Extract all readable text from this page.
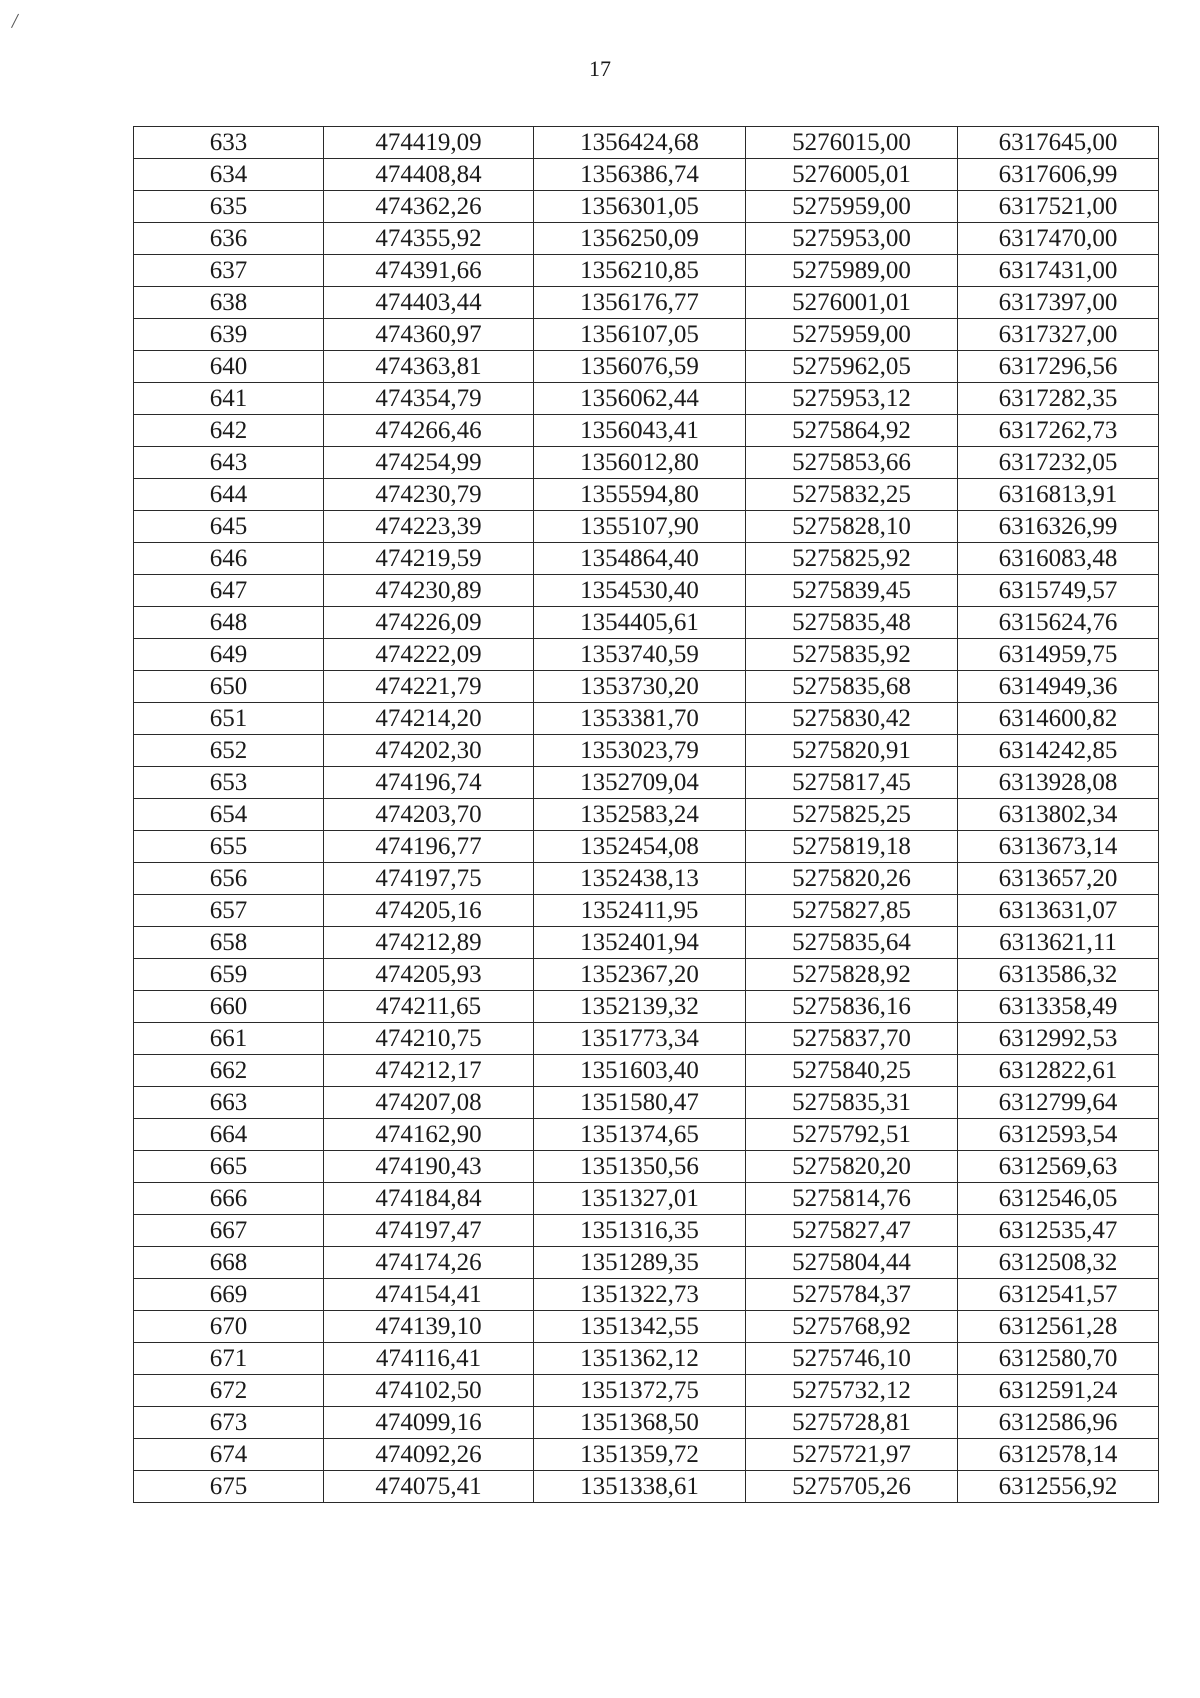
/
17
633	474419,09	1356424,68	5276015,00	6317645,00
634	474408,84	1356386,74	5276005,01	6317606,99
635	474362,26	1356301,05	5275959,00	6317521,00
636	474355,92	1356250,09	5275953,00	6317470,00
637	474391,66	1356210,85	5275989,00	6317431,00
638	474403,44	1356176,77	5276001,01	6317397,00
639	474360,97	1356107,05	5275959,00	6317327,00
640	474363,81	1356076,59	5275962,05	6317296,56
641	474354,79	1356062,44	5275953,12	6317282,35
642	474266,46	1356043,41	5275864,92	6317262,73
643	474254,99	1356012,80	5275853,66	6317232,05
644	474230,79	1355594,80	5275832,25	6316813,91
645	474223,39	1355107,90	5275828,10	6316326,99
646	474219,59	1354864,40	5275825,92	6316083,48
647	474230,89	1354530,40	5275839,45	6315749,57
648	474226,09	1354405,61	5275835,48	6315624,76
649	474222,09	1353740,59	5275835,92	6314959,75
650	474221,79	1353730,20	5275835,68	6314949,36
651	474214,20	1353381,70	5275830,42	6314600,82
652	474202,30	1353023,79	5275820,91	6314242,85
653	474196,74	1352709,04	5275817,45	6313928,08
654	474203,70	1352583,24	5275825,25	6313802,34
655	474196,77	1352454,08	5275819,18	6313673,14
656	474197,75	1352438,13	5275820,26	6313657,20
657	474205,16	1352411,95	5275827,85	6313631,07
658	474212,89	1352401,94	5275835,64	6313621,11
659	474205,93	1352367,20	5275828,92	6313586,32
660	474211,65	1352139,32	5275836,16	6313358,49
661	474210,75	1351773,34	5275837,70	6312992,53
662	474212,17	1351603,40	5275840,25	6312822,61
663	474207,08	1351580,47	5275835,31	6312799,64
664	474162,90	1351374,65	5275792,51	6312593,54
665	474190,43	1351350,56	5275820,20	6312569,63
666	474184,84	1351327,01	5275814,76	6312546,05
667	474197,47	1351316,35	5275827,47	6312535,47
668	474174,26	1351289,35	5275804,44	6312508,32
669	474154,41	1351322,73	5275784,37	6312541,57
670	474139,10	1351342,55	5275768,92	6312561,28
671	474116,41	1351362,12	5275746,10	6312580,70
672	474102,50	1351372,75	5275732,12	6312591,24
673	474099,16	1351368,50	5275728,81	6312586,96
674	474092,26	1351359,72	5275721,97	6312578,14
675	474075,41	1351338,61	5275705,26	6312556,92
